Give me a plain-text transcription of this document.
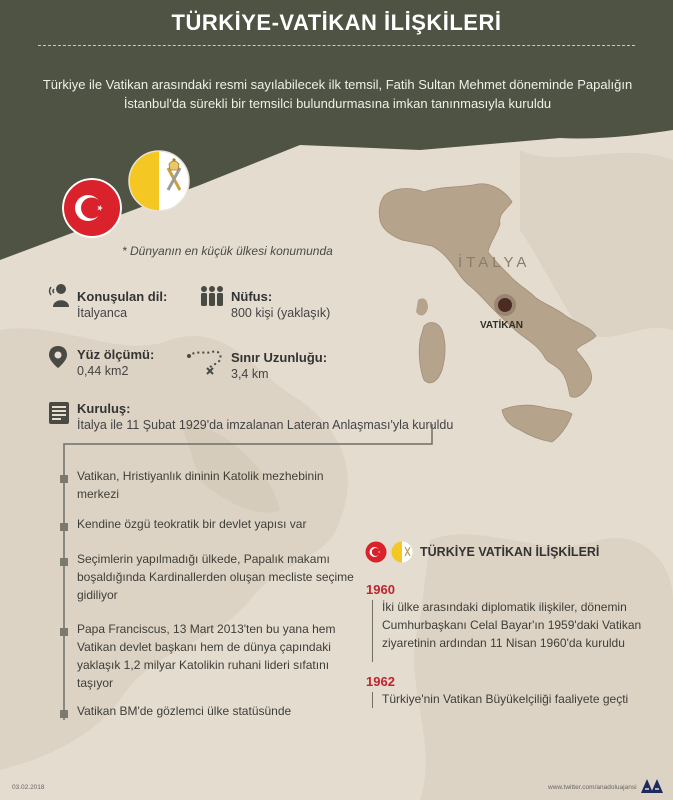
TÜRKİYE-VATİKAN İLİŞKİLERİ
Türkiye ile Vatikan arasındaki resmi sayılabilecek ilk temsil, Fatih Sultan Mehmet döneminde Papalığın İstanbul'da sürekli bir temsilci bulundurmasına imkan tanınmasıyla kuruldu
* Dünyanın en küçük ülkesi konumunda
İTALYA
VATİKAN
Konuşulan dil:
İtalyanca
Nüfus:
800 kişi (yaklaşık)
Yüz ölçümü:
0,44 km2
Sınır Uzunluğu:
3,4 km
Kuruluş:
İtalya ile 11 Şubat 1929'da imzalanan Lateran Anlaşması'yla kuruldu
Vatikan, Hristiyanlık dininin Katolik mezhebinin merkezi
Kendine özgü teokratik bir devlet yapısı var
Seçimlerin yapılmadığı ülkede, Papalık makamı boşaldığında Kardinallerden oluşan mecliste seçime gidiliyor
Papa Franciscus, 13 Mart 2013'ten bu yana hem Vatikan devlet başkanı hem de dünya çapındaki yaklaşık 1,2 milyar Katolikin ruhani lideri sıfatını taşıyor
Vatikan BM'de gözlemci ülke statüsünde
TÜRKİYE VATİKAN İLİŞKİLERİ
1960
İki ülke arasındaki diplomatik ilişkiler, dönemin Cumhurbaşkanı Celal Bayar'ın 1959'daki Vatikan ziyaretinin ardından 11 Nisan 1960'da kuruldu
1962
Türkiye'nin Vatikan Büyükelçiliği faaliyete geçti
03.02.2018	www.twitter.com/anadoluajansi
